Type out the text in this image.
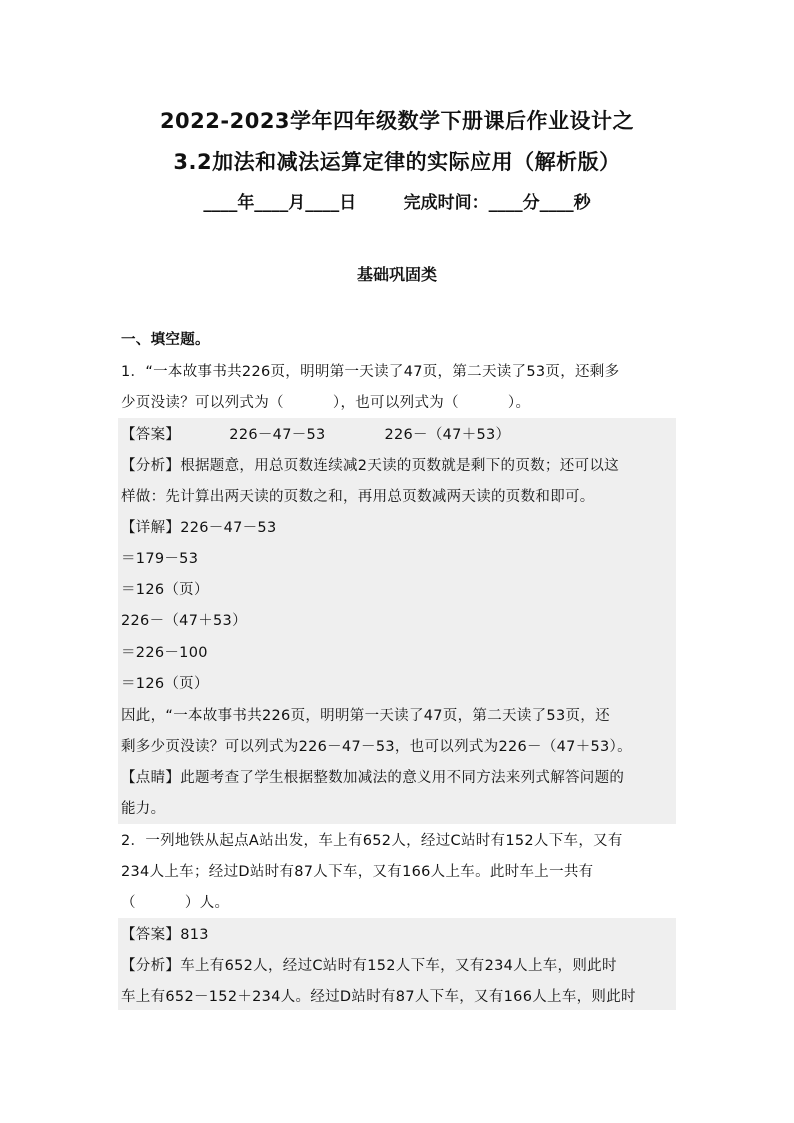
2022-2023学年四年级数学下册课后作业设计之
3.2加法和减法运算定律的实际应用（解析版）
____年____月____日        完成时间：____分____秒
基础巩固类
一、填空题。
1．“一本故事书共226页，明明第一天读了47页，第二天读了53页，还剩多
少页没读？可以列式为（          ），也可以列式为（          ）。
【答案】          226－47－53            226－（47＋53）
【分析】根据题意，用总页数连续减2天读的页数就是剩下的页数；还可以这
样做：先计算出两天读的页数之和，再用总页数减两天读的页数和即可。
【详解】226－47－53
＝179－53
＝126（页）
226－（47＋53）
＝226－100
＝126（页）
因此，“一本故事书共226页，明明第一天读了47页，第二天读了53页，还
剩多少页没读？可以列式为226－47－53，也可以列式为226－（47＋53）。
【点睛】此题考查了学生根据整数加减法的意义用不同方法来列式解答问题的
能力。
2．一列地铁从起点A站出发，车上有652人，经过C站时有152人下车，又有
234人上车；经过D站时有87人下车，又有166人上车。此时车上一共有
（          ）人。
【答案】813
【分析】车上有652人，经过C站时有152人下车，又有234人上车，则此时
车上有652－152＋234人。经过D站时有87人下车，又有166人上车，则此时
